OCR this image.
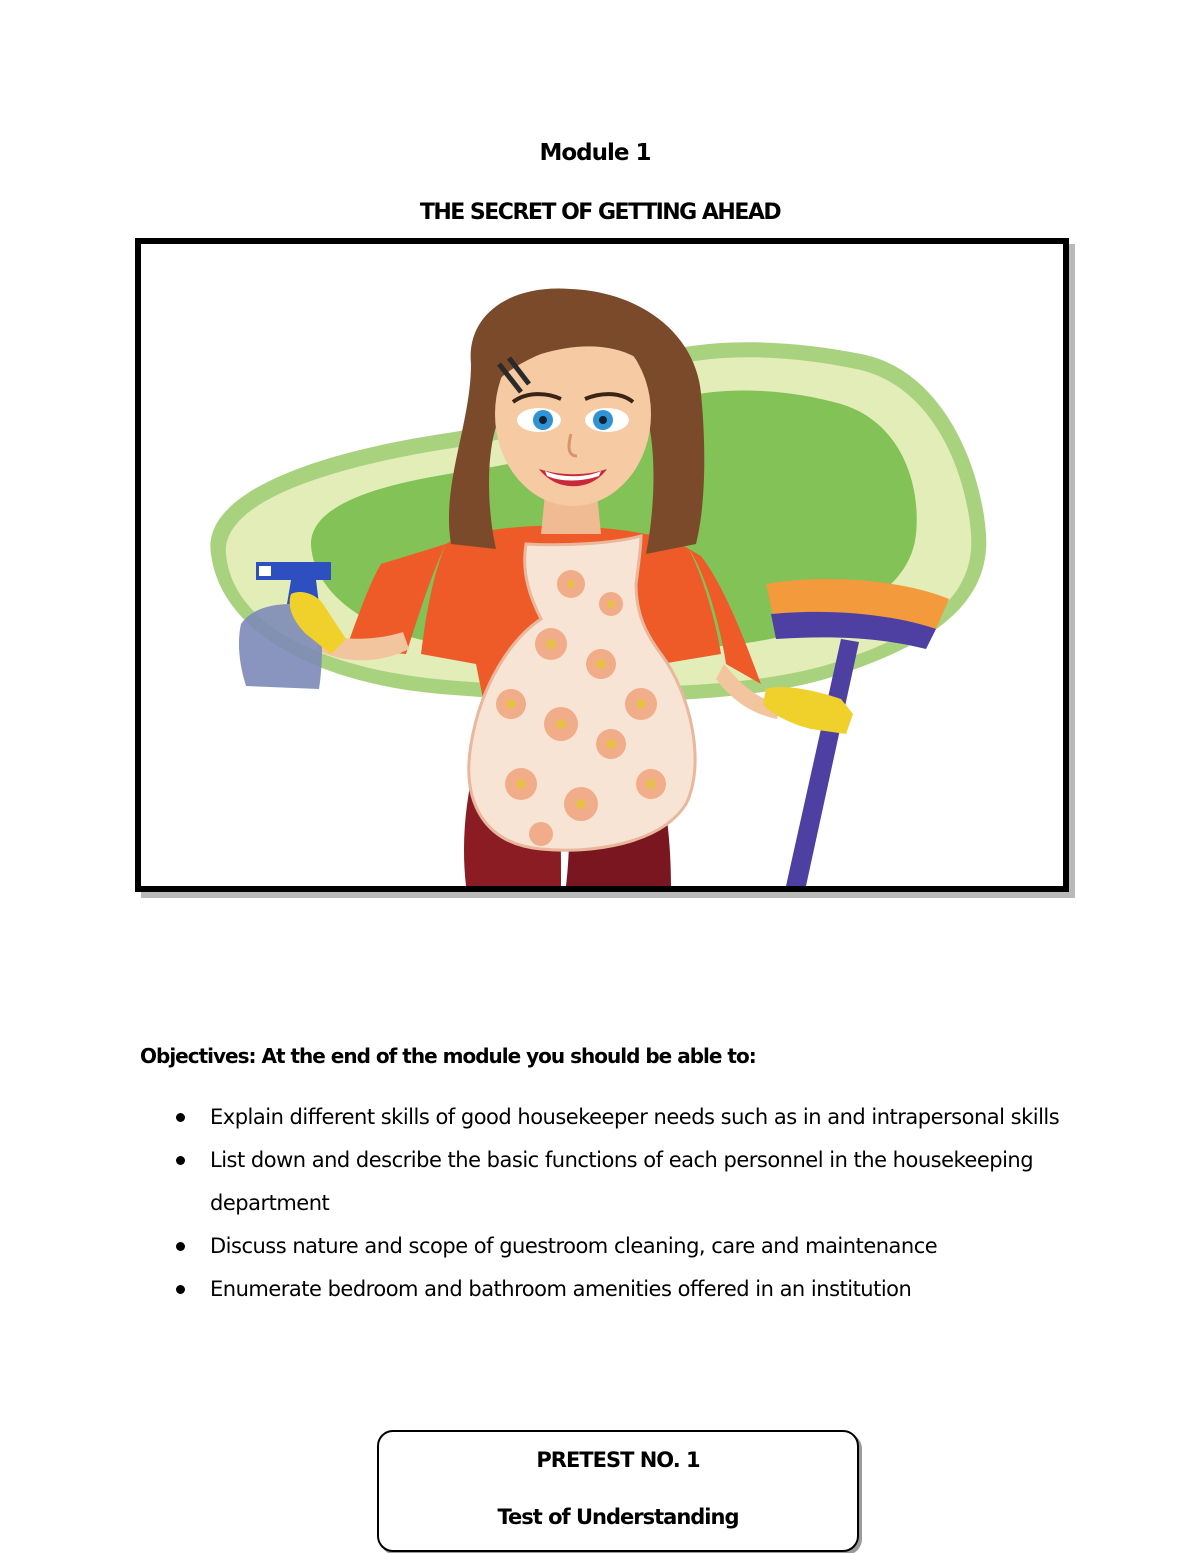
Module 1
THE SECRET OF GETTING AHEAD
Objectives: At the end of the module you should be able to:
Explain different skills of good housekeeper needs such as in and intrapersonal skills
List down and describe the basic functions of each personnel in the housekeeping department
Discuss nature and scope of guestroom cleaning, care and maintenance
Enumerate bedroom and bathroom amenities offered in an institution
PRETEST NO. 1
Test of Understanding
